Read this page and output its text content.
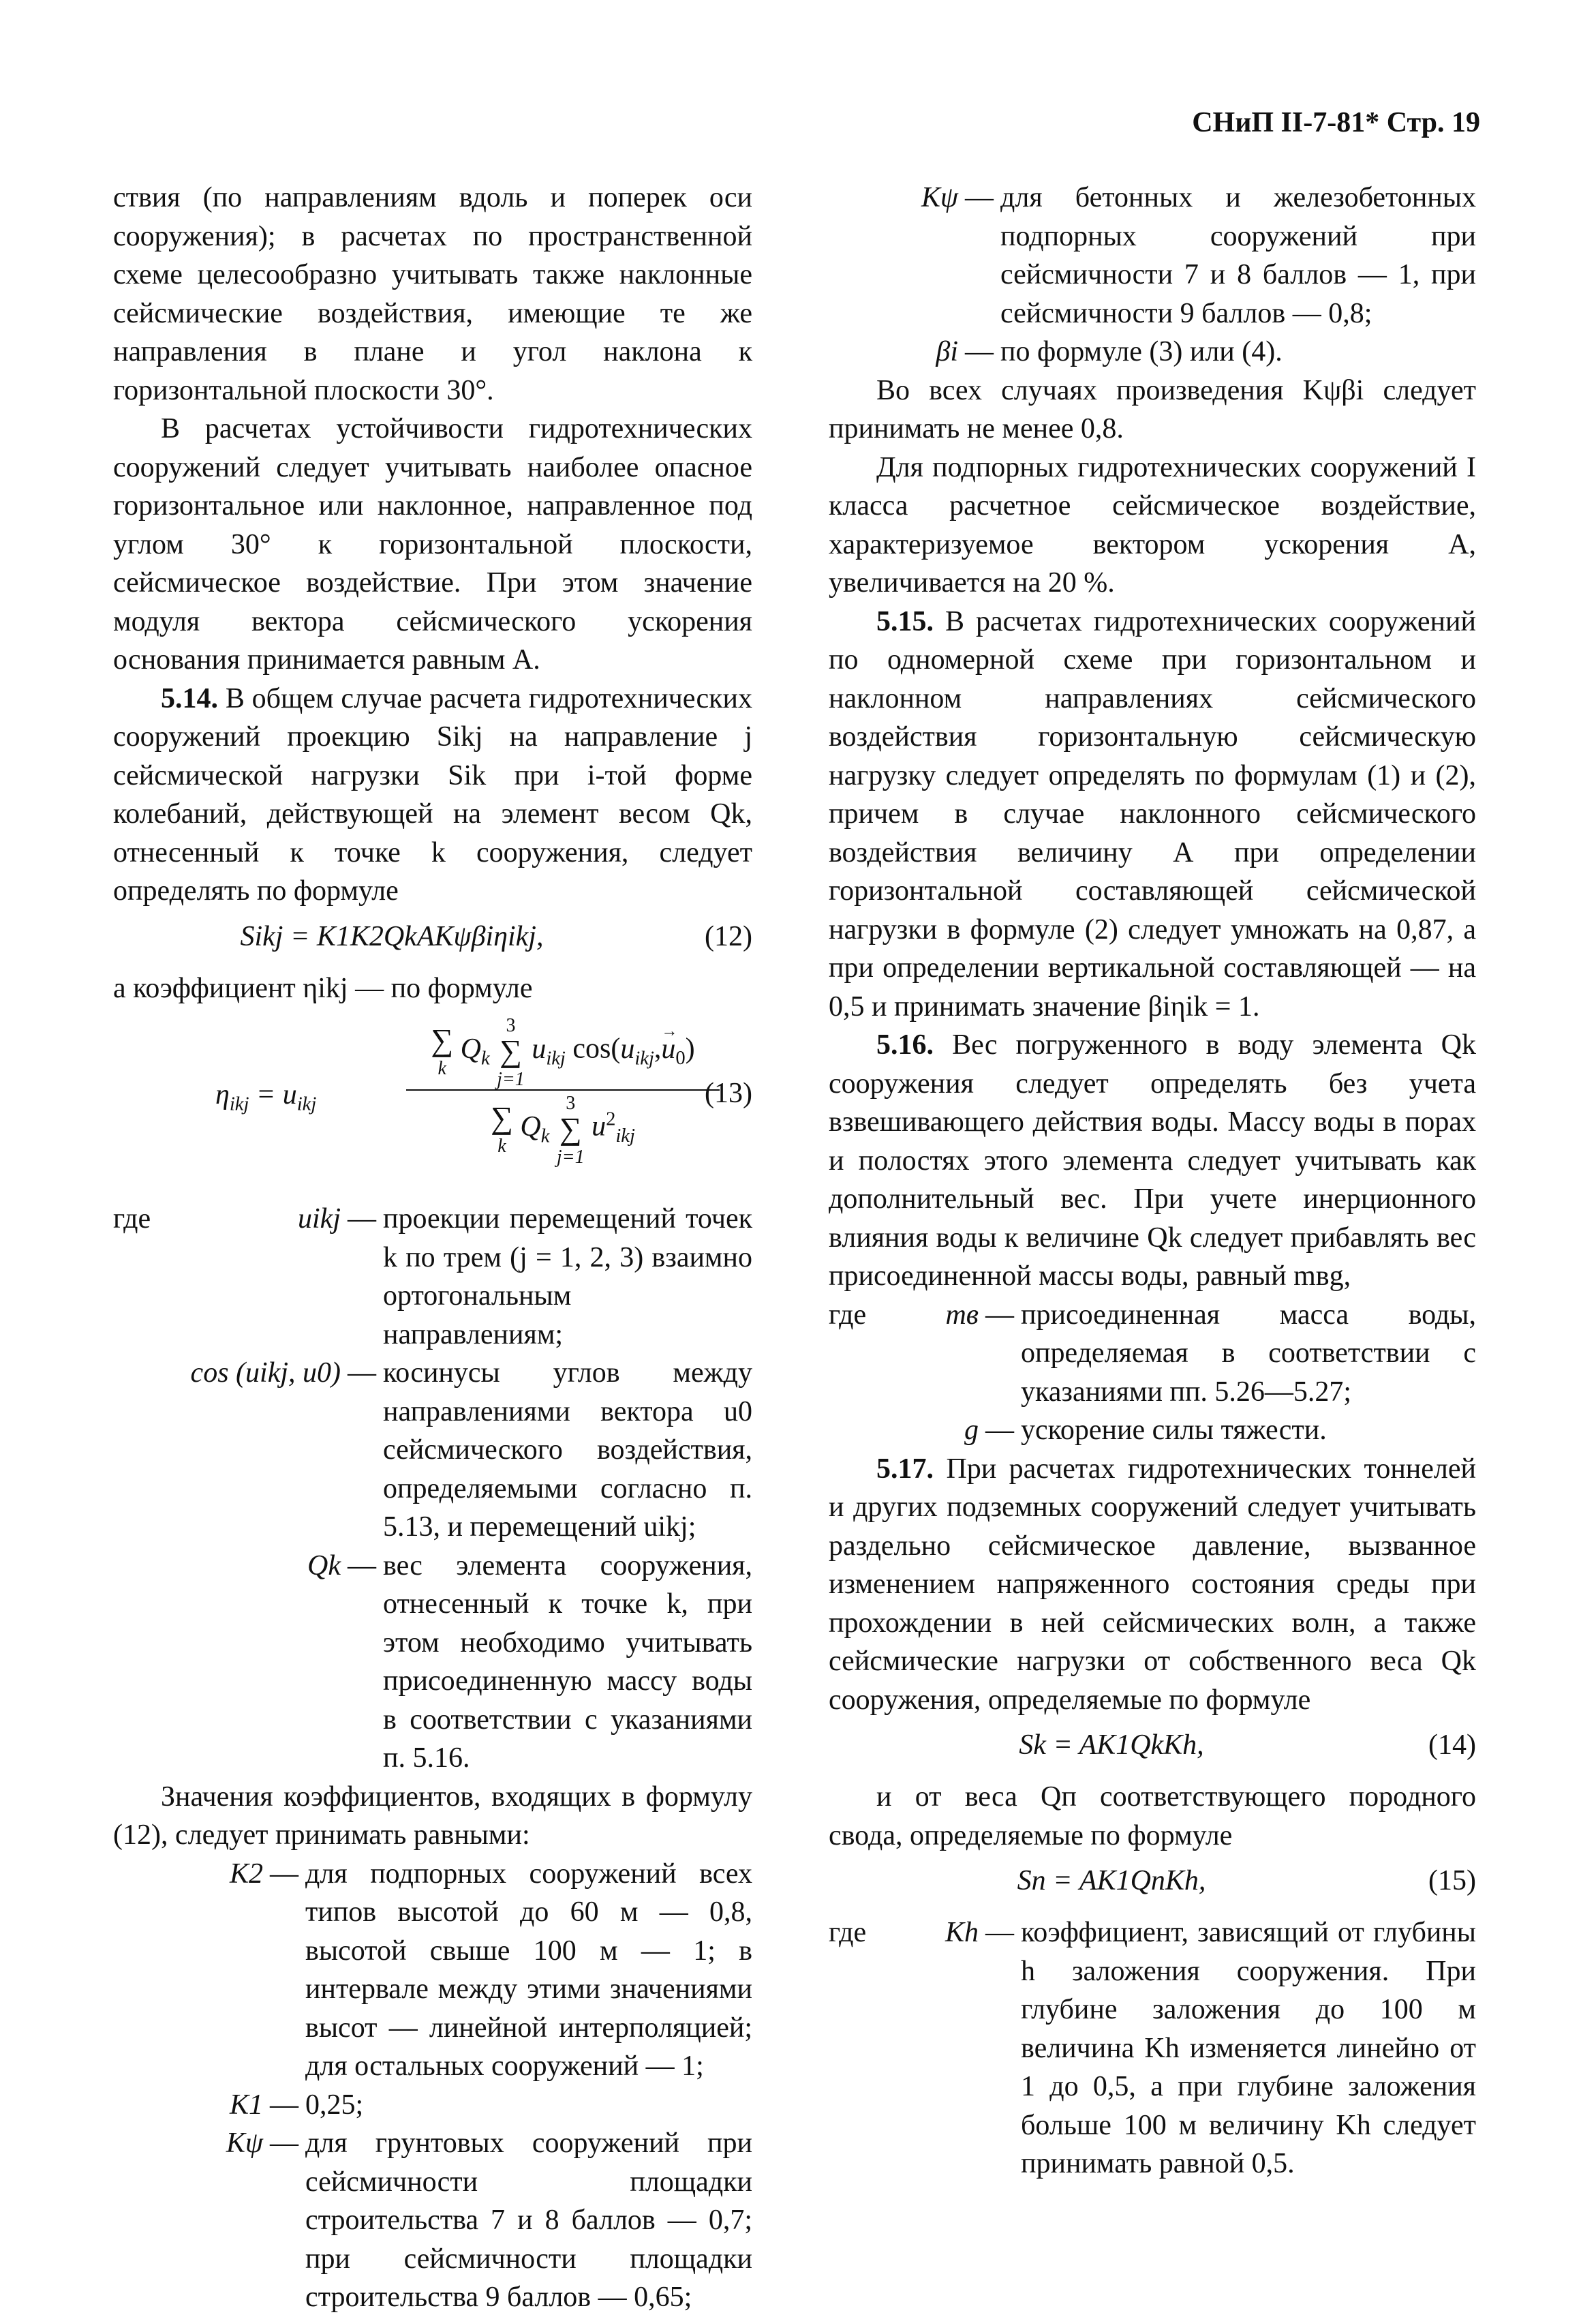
СНиП II-7-81* Стр. 19

ствия (по направлениям вдоль и поперек оси сооружения); в расчетах по пространственной схеме целесообразно учитывать также наклонные сейсмические воздействия, имеющие те же направления в плане и угол наклона к горизонтальной плоскости 30°.

В расчетах устойчивости гидротехнических сооружений следует учитывать наиболее опасное горизонтальное или наклонное, направленное под углом 30° к горизонтальной плоскости, сейсмическое воздействие. При этом значение модуля вектора сейсмического ускорения основания принимается равным А.

5.14. В общем случае расчета гидротехнических сооружений проекцию Sikj на направление j сейсмической нагрузки Sik при i-той форме колебаний, действующей на элемент весом Qk, отнесенный к точке k сооружения, следует определять по формуле

Sikj = K1K2QkAKψβiηikj,	(12)

а коэффициент ηikj — по формуле

$\eta_{ikj} = u_{ikj}$
∑
k $Q_k$ 3
∑
j=1 $u_{ikj}$ $\cos(u_{ikj},\to u_0)$
∑
k $Q_k$ 3
∑
j=1 $u^2_{ikj}$
(13)
где	uikj — проекции перемещений точек k по трем (j = 1, 2, 3) взаимно ортогональным направлениям;
cos (uikj, u0) — косинусы углов между направлениями вектора u0 сейсмического воздействия, определяемыми согласно п. 5.13, и перемещений uikj;
Qk — вес элемента сооружения, отнесенный к точке k, при этом необходимо учитывать присоединенную массу воды в соответствии с указаниями п. 5.16.

Значения коэффициентов, входящих в формулу (12), следует принимать равными:

K2 — для подпорных сооружений всех типов высотой до 60 м — 0,8, высотой свыше 100 м — 1; в интервале между этими значениями высот — линейной интерполяцией; для остальных сооружений — 1;
K1 — 0,25;
Kψ — для грунтовых сооружений при сейсмичности площадки строительства 7 и 8 баллов — 0,7; при сейсмичности площадки строительства 9 баллов — 0,65;
Kψ — для бетонных и железобетонных подпорных сооружений при сейсмичности 7 и 8 баллов — 1, при сейсмичности 9 баллов — 0,8;
βi — по формуле (3) или (4).

Во всех случаях произведения Kψβi следует принимать не менее 0,8.

Для подпорных гидротехнических сооружений I класса расчетное сейсмическое воздействие, характеризуемое вектором ускорения А, увеличивается на 20 %.

5.15. В расчетах гидротехнических сооружений по одномерной схеме при горизонтальном и наклонном направлениях сейсмического воздействия горизонтальную сейсмическую нагрузку следует определять по формулам (1) и (2), причем в случае наклонного сейсмического воздействия величину А при определении горизонтальной составляющей сейсмической нагрузки в формуле (2) следует умножать на 0,87, а при определении вертикальной составляющей — на 0,5 и принимать значение βiηik = 1.

5.16. Вес погруженного в воду элемента Qk сооружения следует определять без учета взвешивающего действия воды. Массу воды в порах и полостях этого элемента следует учитывать как дополнительный вес. При учете инерционного влияния воды к величине Qk следует прибавлять вес присоединенной массы воды, равный mвg,

где	mв — присоединенная масса воды, определяемая в соответствии с указаниями пп. 5.26—5.27;
g — ускорение силы тяжести.

5.17. При расчетах гидротехнических тоннелей и других подземных сооружений следует учитывать раздельно сейсмическое давление, вызванное изменением напряженного состояния среды при прохождении в ней сейсмических волн, а также сейсмические нагрузки от собственного веса Qk сооружения, определяемые по формуле

Sk = AK1QkKh,	(14)

и от веса Qп соответствующего породного свода, определяемые по формуле

Sп = AK1QпKh,	(15)
где	Kh — коэффициент, зависящий от глубины h заложения сооружения. При глубине заложения до 100 м величина Kh изменяется линейно от 1 до 0,5, а при глубине заложения больше 100 м величину Kh следует принимать равной 0,5.
